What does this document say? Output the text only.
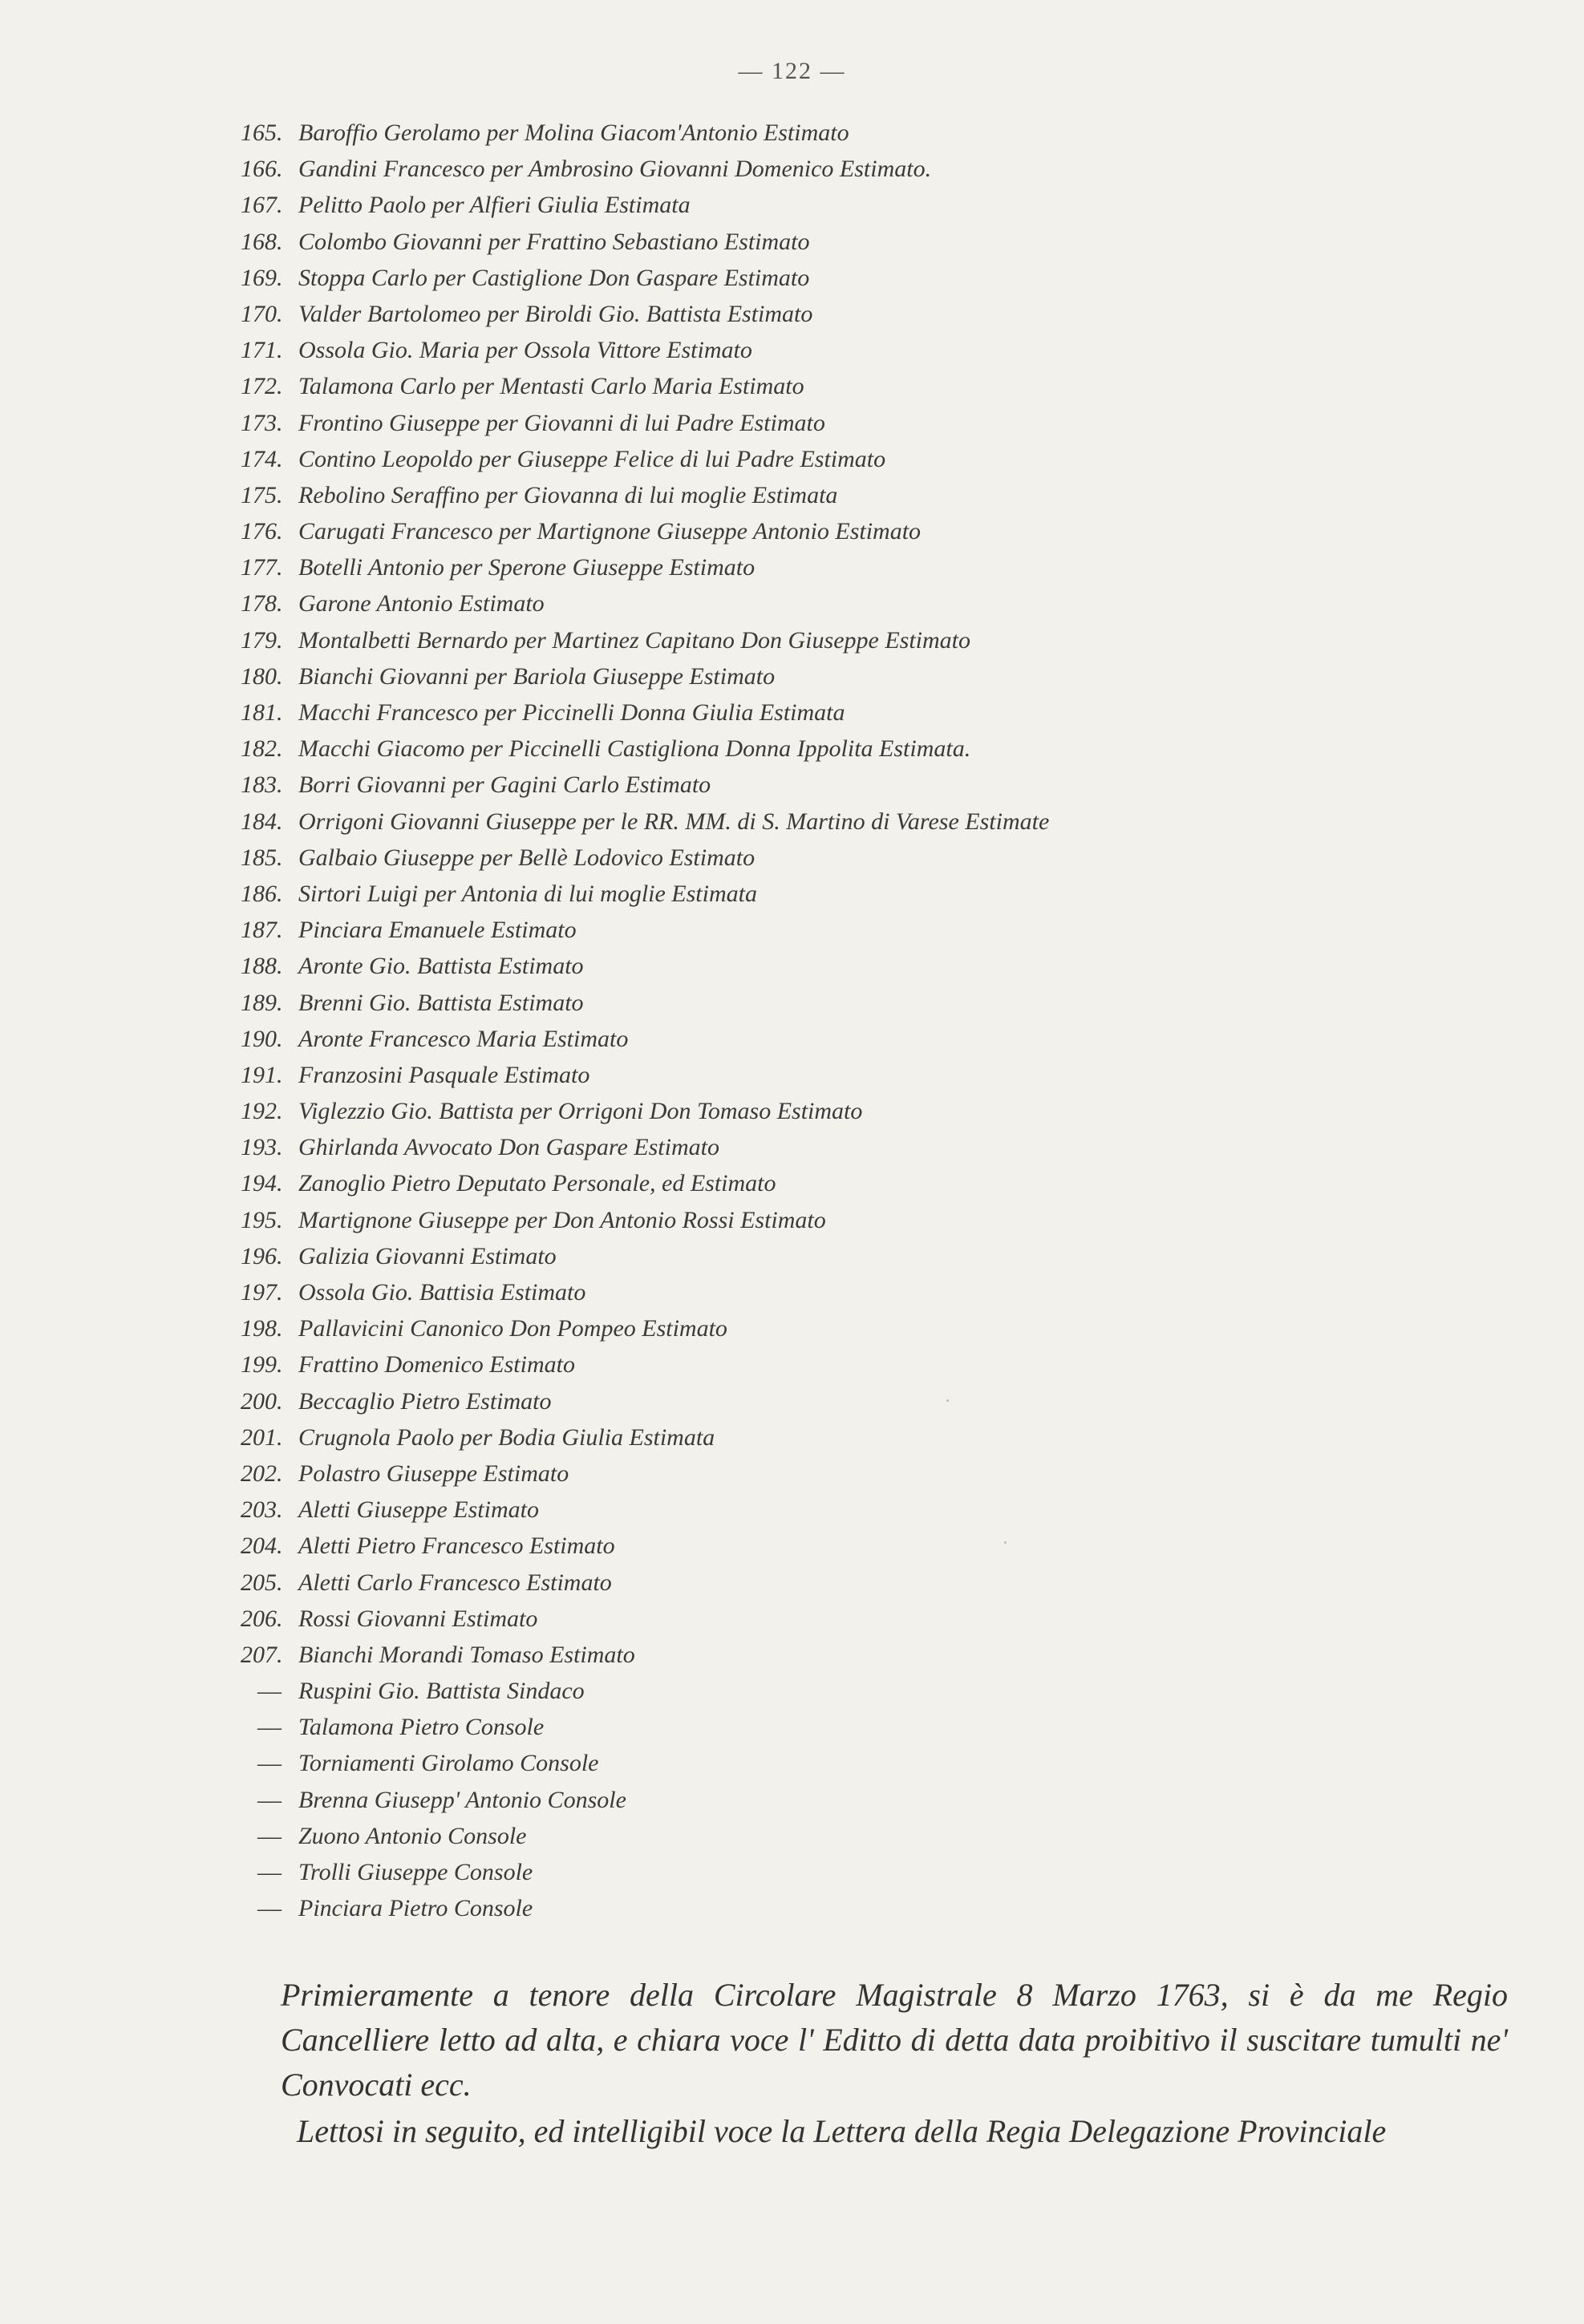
— 122 —
165. Baroffio Gerolamo per Molina Giacom'Antonio Estimato
166. Gandini Francesco per Ambrosino Giovanni Domenico Estimato.
167. Pelitto Paolo per Alfieri Giulia Estimata
168. Colombo Giovanni per Frattino Sebastiano Estimato
169. Stoppa Carlo per Castiglione Don Gaspare Estimato
170. Valder Bartolomeo per Biroldi Gio. Battista Estimato
171. Ossola Gio. Maria per Ossola Vittore Estimato
172. Talamona Carlo per Mentasti Carlo Maria Estimato
173. Frontino Giuseppe per Giovanni di lui Padre Estimato
174. Contino Leopoldo per Giuseppe Felice di lui Padre Estimato
175. Rebolino Seraffino per Giovanna di lui moglie Estimata
176. Carugati Francesco per Martignone Giuseppe Antonio Estimato
177. Botelli Antonio per Sperone Giuseppe Estimato
178. Garone Antonio Estimato
179. Montalbetti Bernardo per Martinez Capitano Don Giuseppe Estimato
180. Bianchi Giovanni per Bariola Giuseppe Estimato
181. Macchi Francesco per Piccinelli Donna Giulia Estimata
182. Macchi Giacomo per Piccinelli Castigliona Donna Ippolita Estimata.
183. Borri Giovanni per Gagini Carlo Estimato
184. Orrigoni Giovanni Giuseppe per le RR. MM. di S. Martino di Varese Estimate
185. Galbaio Giuseppe per Bellè Lodovico Estimato
186. Sirtori Luigi per Antonia di lui moglie Estimata
187. Pinciara Emanuele Estimato
188. Aronte Gio. Battista Estimato
189. Brenni Gio. Battista Estimato
190. Aronte Francesco Maria Estimato
191. Franzosini Pasquale Estimato
192. Viglezzio Gio. Battista per Orrigoni Don Tomaso Estimato
193. Ghirlanda Avvocato Don Gaspare Estimato
194. Zanoglio Pietro Deputato Personale, ed Estimato
195. Martignone Giuseppe per Don Antonio Rossi Estimato
196. Galizia Giovanni Estimato
197. Ossola Gio. Battisia Estimato
198. Pallavicini Canonico Don Pompeo Estimato
199. Frattino Domenico Estimato
200. Beccaglio Pietro Estimato
201. Crugnola Paolo per Bodia Giulia Estimata
202. Polastro Giuseppe Estimato
203. Aletti Giuseppe Estimato
204. Aletti Pietro Francesco Estimato
205. Aletti Carlo Francesco Estimato
206. Rossi Giovanni Estimato
207. Bianchi Morandi Tomaso Estimato
— Ruspini Gio. Battista Sindaco
— Talamona Pietro Console
— Torniamenti Girolamo Console
— Brenna Giusepp' Antonio Console
— Zuono Antonio Console
— Trolli Giuseppe Console
— Pinciara Pietro Console

Primieramente a tenore della Circolare Magistrale 8 Marzo 1763, si è da me Regio Cancelliere letto ad alta, e chiara voce l' Editto di detta data proibitivo il suscitare tumulti ne' Convocati ecc.

Lettosi in seguito, ed intelligibil voce la Lettera della Regia Delegazione Provinciale
